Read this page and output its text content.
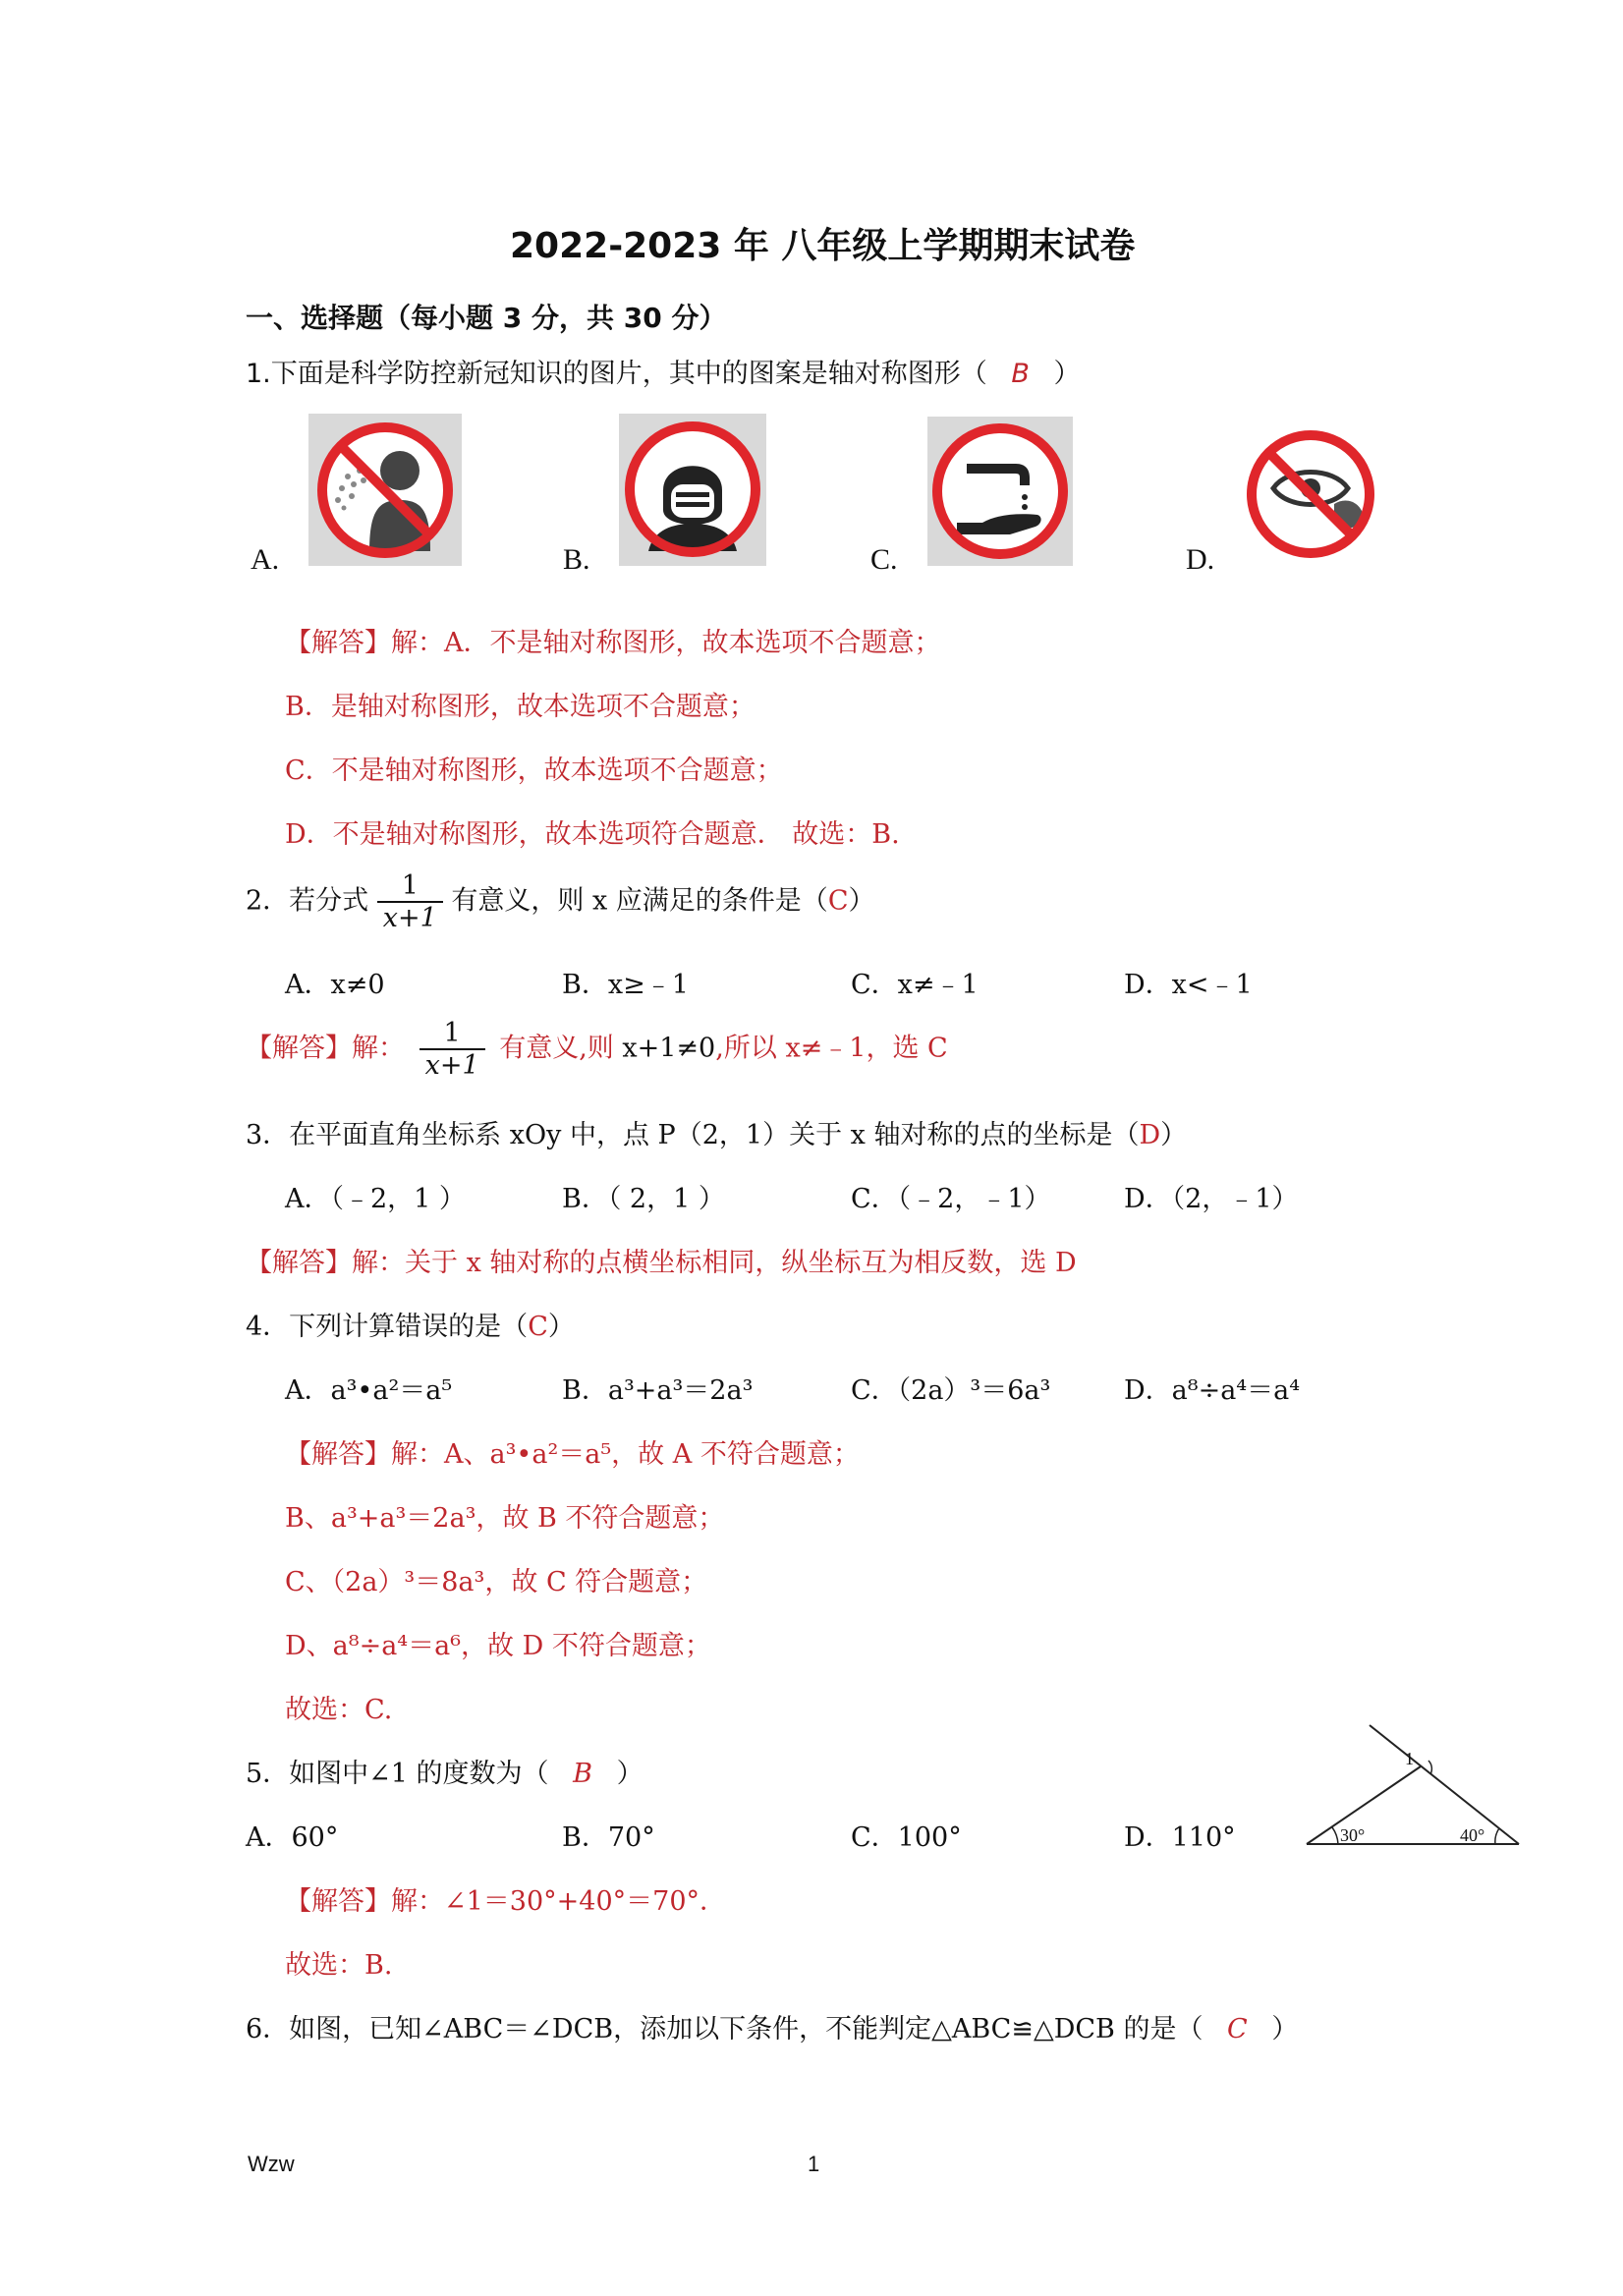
2022-2023 年 八年级上学期期末试卷
一、选择题（每小题 3 分，共 30 分）
1.下面是科学防控新冠知识的图片，其中的图案是轴对称图形（ B ）
A.	B.	C.	D.
【解答】解：A．不是轴对称图形，故本选项不合题意；
B．是轴对称图形，故本选项不合题意；
C．不是轴对称图形，故本选项不合题意；
D．不是轴对称图形，故本选项符合题意． 故选：B.
2．若分式 $\frac{1}{x+1}$ 有意义，则 x 应满足的条件是（C）
A．x≠0	B．x≥﹣1	C．x≠﹣1	D．x<﹣1
【解答】解： $\frac{1}{x+1}$ 有意义,则 x+1≠0,所以 x≠﹣1，选 C
3．在平面直角坐标系 xOy 中，点 P（2，1）关于 x 轴对称的点的坐标是（D）
A．（﹣2，1 ）	B．（ 2，1 ）	C．（﹣2，﹣1）	D．（2，﹣1）
【解答】解：关于 x 轴对称的点横坐标相同，纵坐标互为相反数，选 D
4．下列计算错误的是（C）
A．a³•a²＝a⁵	B．a³+a³＝2a³	C．（2a）³＝6a³	D．a⁸÷a⁴＝a⁴
【解答】解：A、a³•a²＝a⁵，故 A 不符合题意；
B、a³+a³＝2a³，故 B 不符合题意；
C、（2a）³＝8a³，故 C 符合题意；
D、a⁸÷a⁴＝a⁶，故 D 不符合题意；
故选：C.
5．如图中∠1 的度数为（ B ）
A．60°	B．70°	C．100°	D．110°
1
30°	40°
【解答】解：∠1＝30°+40°＝70°．
故选：B.
6．如图，已知∠ABC＝∠DCB，添加以下条件，不能判定△ABC≌△DCB 的是（ C ）
Wzw	1
